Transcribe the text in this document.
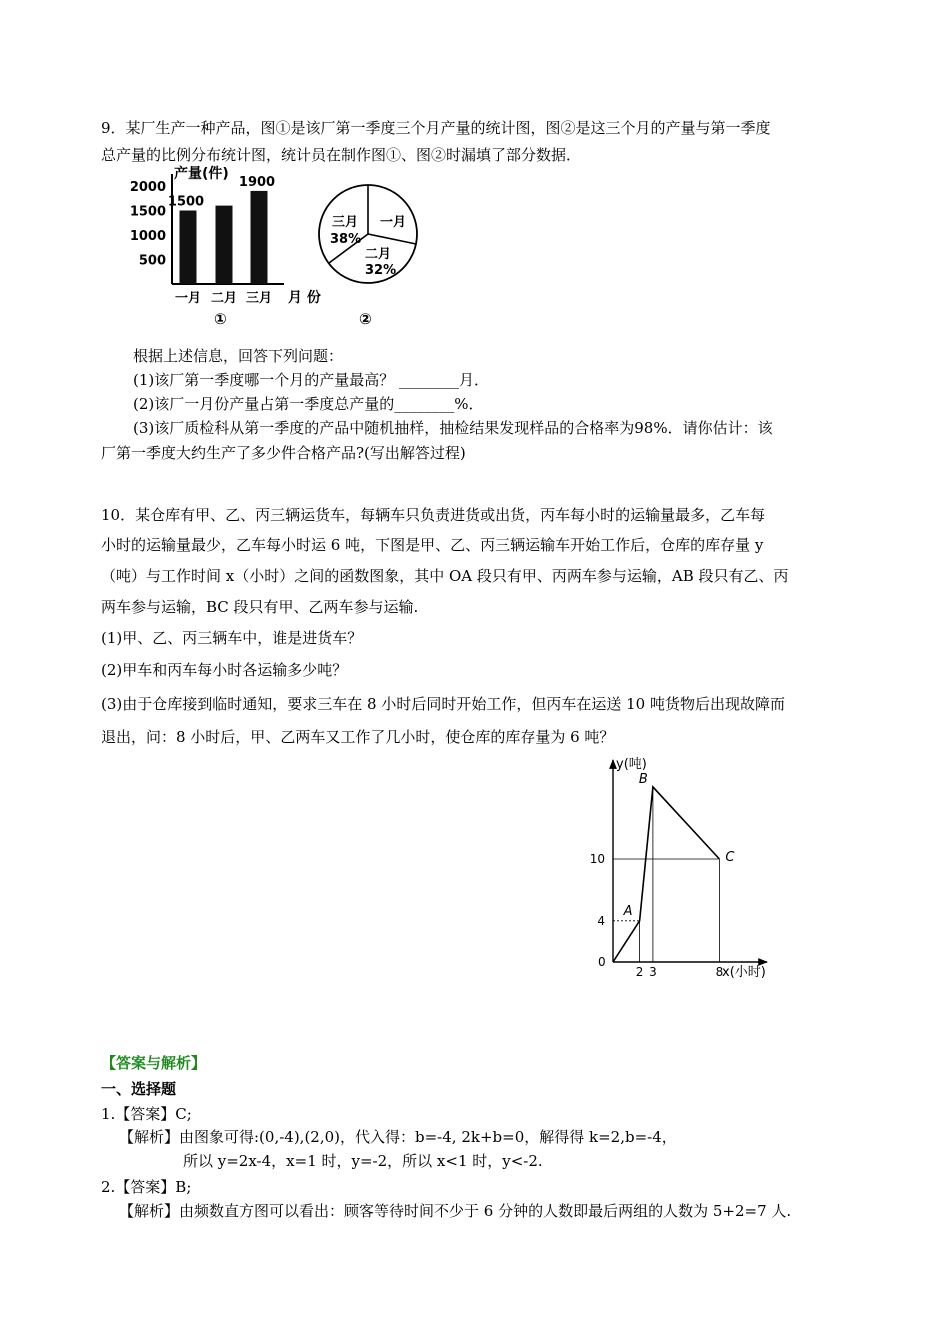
9．某厂生产一种产品，图①是该厂第一季度三个月产量的统计图，图②是这三个月的产量与第一季度
总产量的比例分布统计图，统计员在制作图①、图②时漏填了部分数据．
产量(件)
500
1000
1500
2000
1500
1900
一月 二月 三月 月 份
①
一月
二月
32%
三月
38%
②
根据上述信息，回答下列问题：
(1)该厂第一季度哪一个月的产量最高？ ________月．
(2)该厂一月份产量占第一季度总产量的________%．
(3)该厂质检科从第一季度的产品中随机抽样，抽检结果发现样品的合格率为98%．请你估计：该
厂第一季度大约生产了多少件合格产品?(写出解答过程)
10．某仓库有甲、乙、丙三辆运货车，每辆车只负责进货或出货，丙车每小时的运输量最多，乙车每
小时的运输量最少，乙车每小时运 6 吨，下图是甲、乙、丙三辆运输车开始工作后，仓库的库存量 y
（吨）与工作时间 x（小时）之间的函数图象，其中 OA 段只有甲、丙两车参与运输，AB 段只有乙、丙
两车参与运输，BC 段只有甲、乙两车参与运输.
(1)甲、乙、丙三辆车中，谁是进货车？
(2)甲车和丙车每小时各运输多少吨？
(3)由于仓库接到临时通知，要求三车在 8 小时后同时开始工作，但丙车在运送 10 吨货物后出现故障而
退出，问：8 小时后，甲、乙两车又工作了几小时，使仓库的库存量为 6 吨？
y(吨)
x(小时)
0
2 3	8
4
10
A
B
C
【答案与解析】
一、选择题
1.【答案】C;
【解析】由图象可得:(0,-4),(2,0)，代入得：b=-4, 2k+b=0，解得得 k=2,b=-4，
所以 y=2x-4，x=1 时，y=-2，所以 x<1 时，y<-2.
2.【答案】B;
【解析】由频数直方图可以看出：顾客等待时间不少于 6 分钟的人数即最后两组的人数为 5+2=7 人.
